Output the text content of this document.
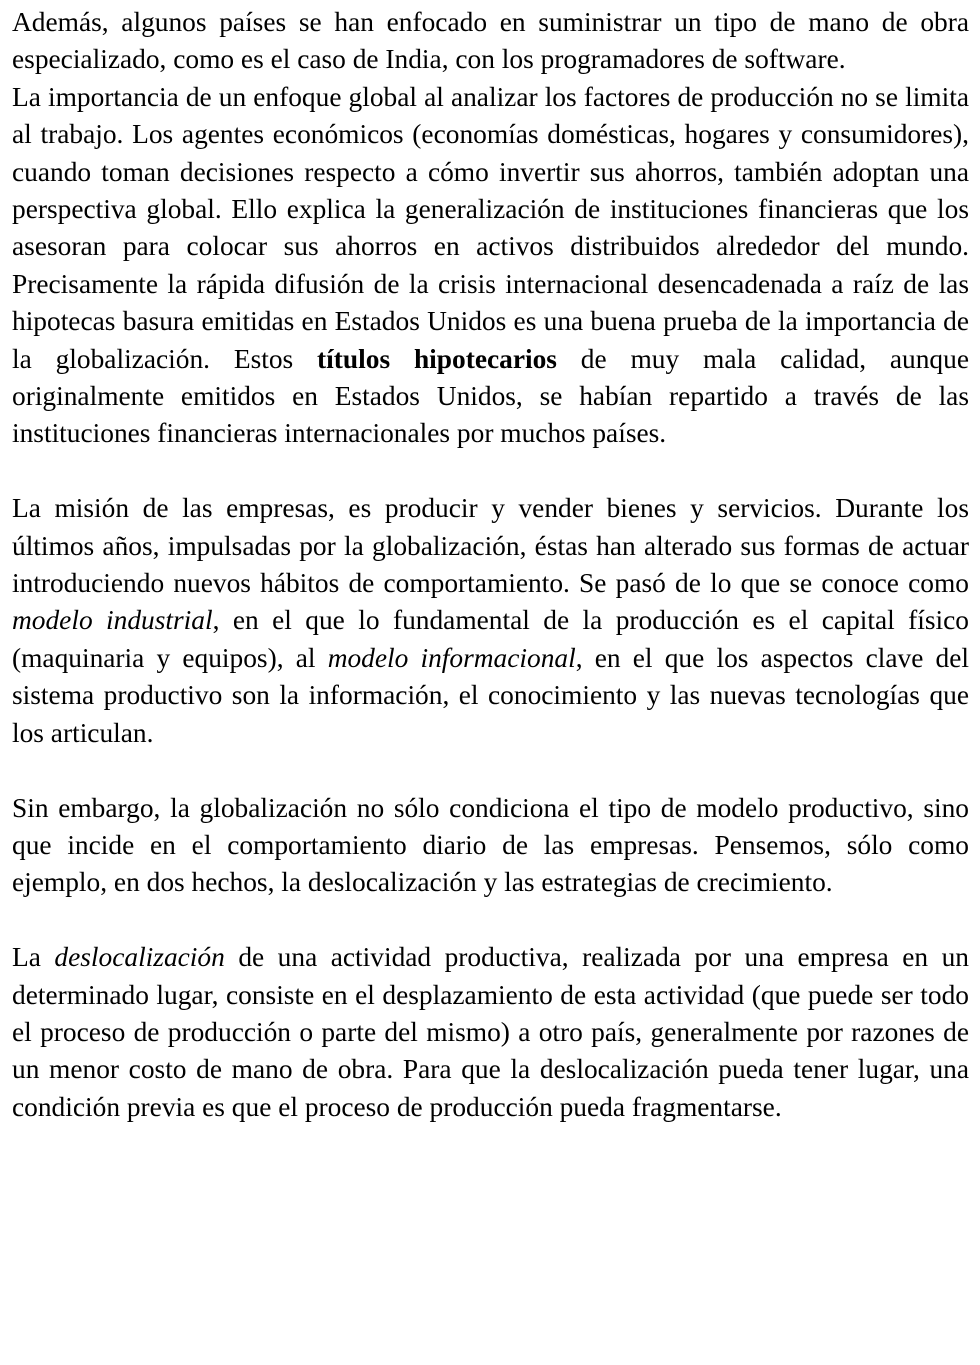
Además, algunos países se han enfocado en suministrar un tipo de mano de obra especializado, como es el caso de India, con los programadores de software.

La importancia de un enfoque global al analizar los factores de producción no se limita al trabajo. Los agentes económicos (economías domésticas, hogares y consumidores), cuando toman decisiones respecto a cómo invertir sus ahorros, también adoptan una perspectiva global. Ello explica la generalización de instituciones financieras que los asesoran para colocar sus ahorros en activos distribuidos alrededor del mundo. Precisamente la rápida difusión de la crisis internacional desencadenada a raíz de las hipotecas basura emitidas en Estados Unidos es una buena prueba de la importancia de la globalización. Estos títulos hipotecarios de muy mala calidad, aunque originalmente emitidos en Estados Unidos, se habían repartido a través de las instituciones financieras internacionales por muchos países.

La misión de las empresas, es producir y vender bienes y servicios. Durante los últimos años, impulsadas por la globalización, éstas han alterado sus formas de actuar introduciendo nuevos hábitos de comportamiento. Se pasó de lo que se conoce como modelo industrial, en el que lo fundamental de la producción es el capital físico (maquinaria y equipos), al modelo informacional, en el que los aspectos clave del sistema productivo son la información, el conocimiento y las nuevas tecnologías que los articulan.

Sin embargo, la globalización no sólo condiciona el tipo de modelo productivo, sino que incide en el comportamiento diario de las empresas. Pensemos, sólo como ejemplo, en dos hechos, la deslocalización y las estrategias de crecimiento.

La deslocalización de una actividad productiva, realizada por una empresa en un determinado lugar, consiste en el desplazamiento de esta actividad (que puede ser todo el proceso de producción o parte del mismo) a otro país, generalmente por razones de un menor costo de mano de obra. Para que la deslocalización pueda tener lugar, una condición previa es que el proceso de producción pueda fragmentarse.
